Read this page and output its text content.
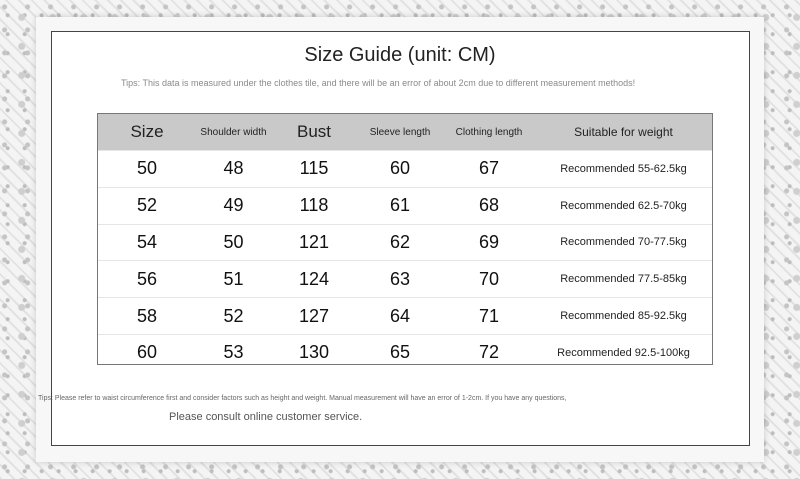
Size Guide (unit: CM)
Tips: This data is measured under the clothes tile, and there will be an error of about 2cm due to different measurement methods!
Size	Shoulder width	Bust	Sleeve length	Clothing length	Suitable for weight
50	48	115	60	67	Recommended 55-62.5kg
52	49	118	61	68	Recommended 62.5-70kg
54	50	121	62	69	Recommended 70-77.5kg
56	51	124	63	70	Recommended 77.5-85kg
58	52	127	64	71	Recommended 85-92.5kg
60	53	130	65	72	Recommended 92.5-100kg
Tips: Please refer to waist circumference first and consider factors such as height and weight. Manual measurement will have an error of 1-2cm. If you have any questions,
Please consult online customer service.
